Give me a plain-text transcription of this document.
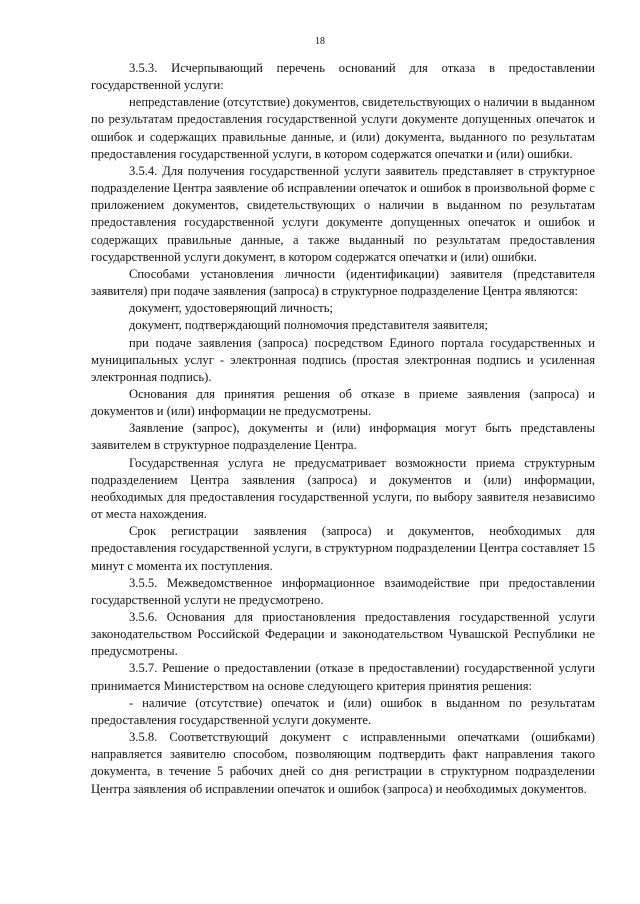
18

3.5.3. Исчерпывающий перечень оснований для отказа в предоставлении государственной услуги:

непредставление (отсутствие) документов, свидетельствующих о наличии в выданном по результатам предоставления государственной услуги документе допущенных опечаток и ошибок и содержащих правильные данные, и (или) документа, выданного по результатам предоставления государственной услуги, в котором содержатся опечатки и (или) ошибки.

3.5.4. Для получения государственной услуги заявитель представляет в структурное подразделение Центра заявление об исправлении опечаток и ошибок в произвольной форме с приложением документов, свидетельствующих о наличии в выданном по результатам предоставления государственной услуги документе допущенных опечаток и ошибок и содержащих правильные данные, а также выданный по результатам предоставления государственной услуги документ, в котором содержатся опечатки и (или) ошибки.

Способами установления личности (идентификации) заявителя (представителя заявителя) при подаче заявления (запроса) в структурное подразделение Центра являются:

документ, удостоверяющий личность;

документ, подтверждающий полномочия представителя заявителя;

при подаче заявления (запроса) посредством Единого портала государственных и муниципальных услуг - электронная подпись (простая электронная подпись и усиленная электронная подпись).

Основания для принятия решения об отказе в приеме заявления (запроса) и документов и (или) информации не предусмотрены.

Заявление (запрос), документы и (или) информация могут быть представлены заявителем в структурное подразделение Центра.

Государственная услуга не предусматривает возможности приема структурным подразделением Центра заявления (запроса) и документов и (или) информации, необходимых для предоставления государственной услуги, по выбору заявителя независимо от места нахождения.

Срок регистрации заявления (запроса) и документов, необходимых для предоставления государственной услуги, в структурном подразделении Центра составляет 15 минут с момента их поступления.

3.5.5. Межведомственное информационное взаимодействие при предоставлении государственной услуги не предусмотрено.

3.5.6. Основания для приостановления предоставления государственной услуги законодательством Российской Федерации и законодательством Чувашской Республики не предусмотрены.

3.5.7. Решение о предоставлении (отказе в предоставлении) государственной услуги принимается Министерством на основе следующего критерия принятия решения:

- наличие (отсутствие) опечаток и (или) ошибок в выданном по результатам предоставления государственной услуги документе.

3.5.8. Соответствующий документ с исправленными опечатками (ошибками) направляется заявителю способом, позволяющим подтвердить факт направления такого документа, в течение 5 рабочих дней со дня регистрации в структурном подразделении Центра заявления об исправлении опечаток и ошибок (запроса) и необходимых документов.
